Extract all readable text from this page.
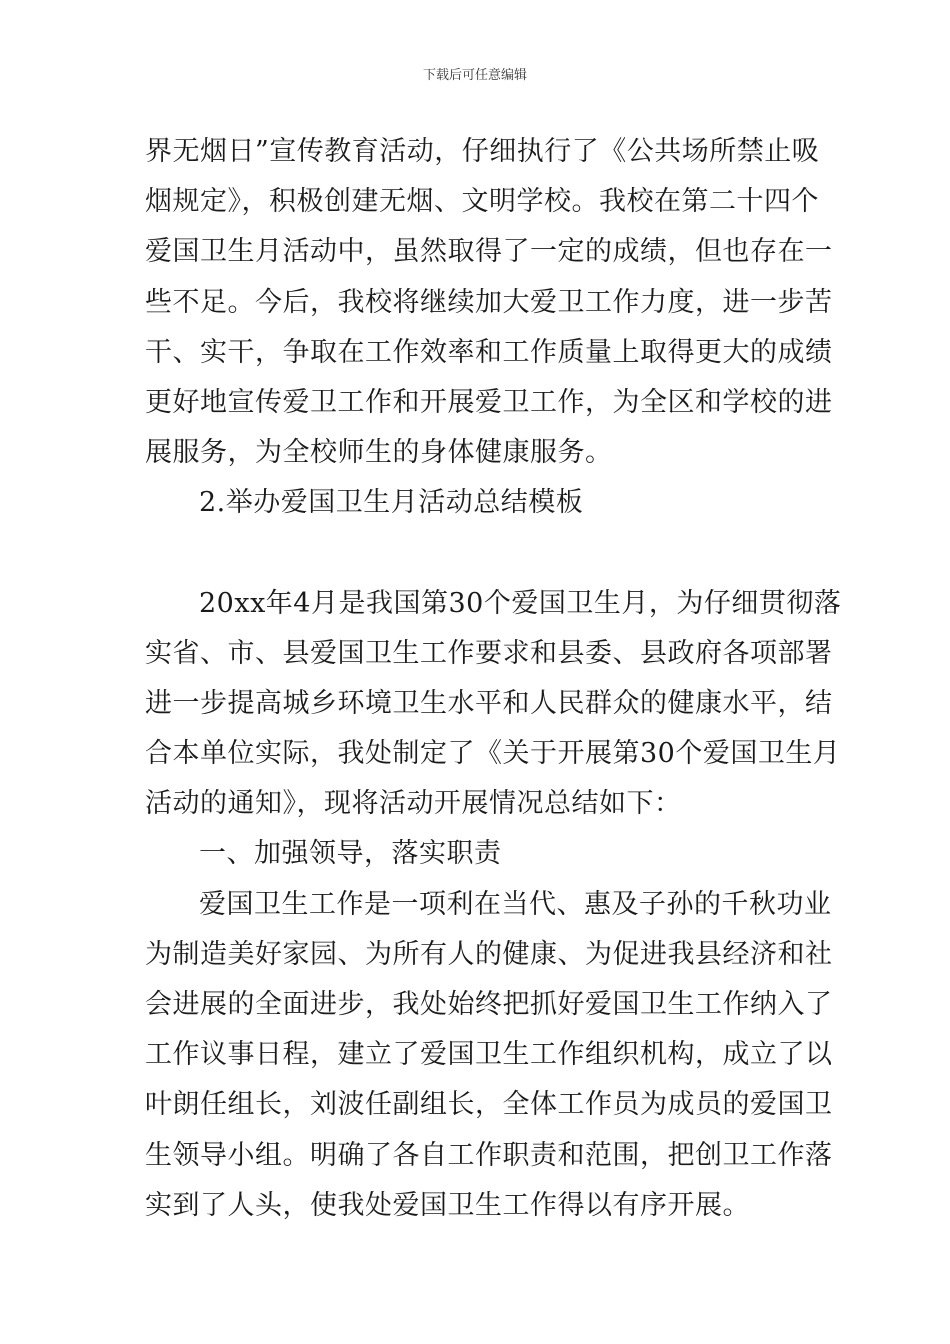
下载后可任意编辑
界无烟日”宣传教育活动，仔细执行了《公共场所禁止吸
烟规定》，积极创建无烟、文明学校。我校在第二十四个
爱国卫生月活动中，虽然取得了一定的成绩，但也存在一
些不足。今后，我校将继续加大爱卫工作力度，进一步苦
干、实干，争取在工作效率和工作质量上取得更大的成绩
更好地宣传爱卫工作和开展爱卫工作，为全区和学校的进
展服务，为全校师生的身体健康服务。
2.举办爱国卫生月活动总结模板
20xx年4月是我国第30个爱国卫生月，为仔细贯彻落
实省、市、县爱国卫生工作要求和县委、县政府各项部署
进一步提高城乡环境卫生水平和人民群众的健康水平，结
合本单位实际，我处制定了《关于开展第30个爱国卫生月
活动的通知》，现将活动开展情况总结如下：
一、加强领导，落实职责
爱国卫生工作是一项利在当代、惠及子孙的千秋功业
为制造美好家园、为所有人的健康、为促进我县经济和社
会进展的全面进步，我处始终把抓好爱国卫生工作纳入了
工作议事日程，建立了爱国卫生工作组织机构，成立了以
叶朗任组长，刘波任副组长，全体工作员为成员的爱国卫
生领导小组。明确了各自工作职责和范围，把创卫工作落
实到了人头，使我处爱国卫生工作得以有序开展。
